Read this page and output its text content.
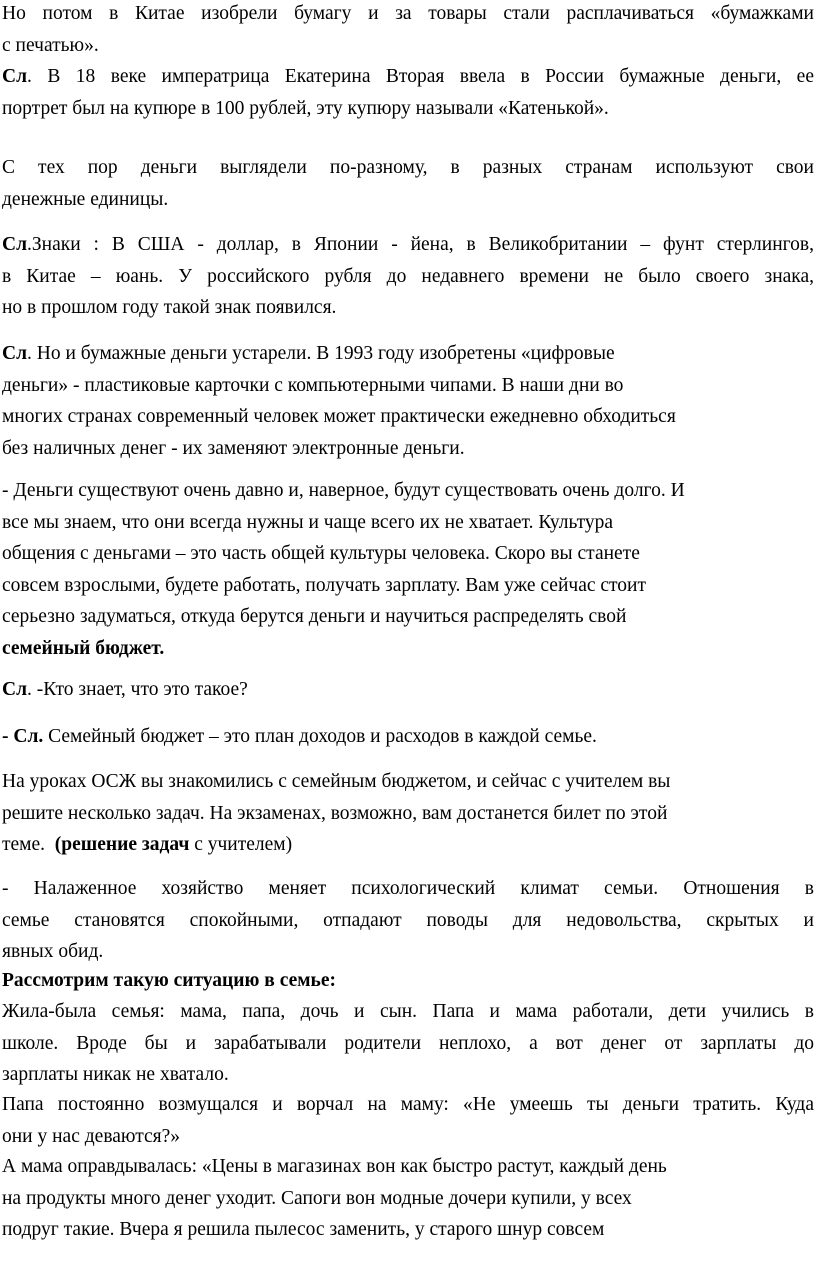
Но потом в Китае изобрели бумагу и за товары стали расплачиваться «бумажками
с печатью».
Сл. В 18 веке императрица Екатерина Вторая ввела в России бумажные деньги, ее
портрет был на купюре в 100 рублей, эту купюру называли «Катенькой».
С тех пор деньги выглядели по-разному, в разных странам используют свои
денежные единицы.
Сл.Знаки : В США - доллар, в Японии - йена, в Великобритании – фунт стерлингов,
в Китае – юань. У российского рубля до недавнего времени не было своего знака,
но в прошлом году такой знак появился.
Сл. Но и бумажные деньги устарели. В 1993 году изобретены «цифровые
деньги» - пластиковые карточки с компьютерными чипами. В наши дни во
многих странах современный человек может практически ежедневно обходиться
без наличных денег - их заменяют электронные деньги.
- Деньги существуют очень давно и, наверное, будут существовать очень долго. И
все мы знаем, что они всегда нужны и чаще всего их не хватает. Культура
общения с деньгами – это часть общей культуры человека. Скоро вы станете
совсем взрослыми, будете работать, получать зарплату. Вам уже сейчас стоит
серьезно задуматься, откуда берутся деньги и научиться распределять свой
семейный бюджет.
Сл. -Кто знает, что это такое?
- Сл. Семейный бюджет – это план доходов и расходов в каждой семье.
На уроках ОСЖ вы знакомились с семейным бюджетом, и сейчас с учителем вы
решите несколько задач. На экзаменах, возможно, вам достанется билет по этой
теме.  (решение задач с учителем)
- Налаженное хозяйство меняет психологический климат семьи. Отношения в
семье становятся спокойными, отпадают поводы для недовольства, скрытых и
явных обид.
Рассмотрим такую ситуацию в семье:
Жила-была семья: мама, папа, дочь и сын. Папа и мама работали, дети учились в
школе. Вроде бы и зарабатывали родители неплохо, а вот денег от зарплаты до
зарплаты никак не хватало.
Папа постоянно возмущался и ворчал на маму: «Не умеешь ты деньги тратить. Куда
они у нас деваются?»
А мама оправдывалась: «Цены в магазинах вон как быстро растут, каждый день
на продукты много денег уходит. Сапоги вон модные дочери купили, у всех
подруг такие. Вчера я решила пылесос заменить, у старого шнур совсем
